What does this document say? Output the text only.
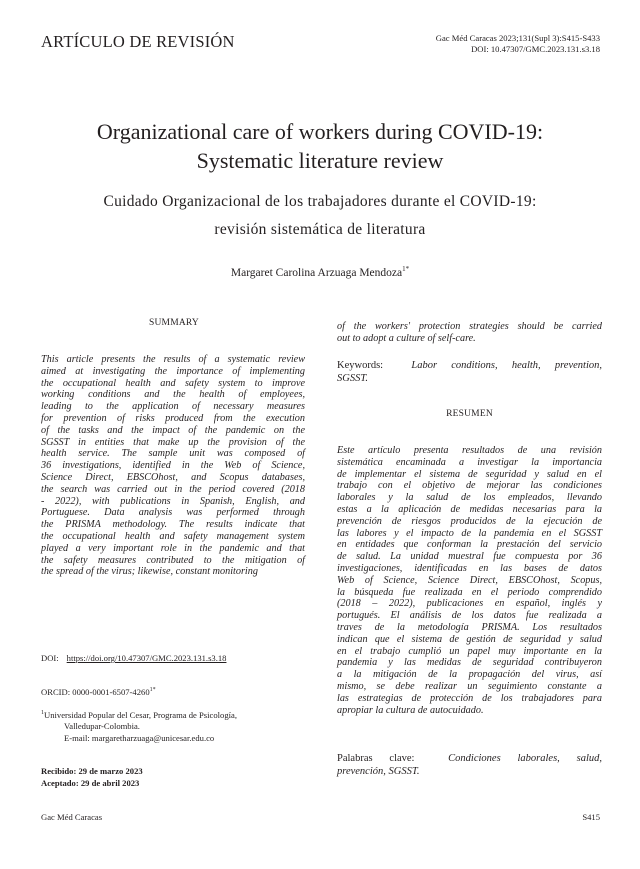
ARTÍCULO DE REVISIÓN	Gac Méd Caracas 2023;131(Supl 3):S415-S433
DOI: 10.47307/GMC.2023.131.s3.18
Organizational care of workers during COVID-19:
Systematic literature review
Cuidado Organizacional de los trabajadores durante el COVID-19:
revisión sistemática de literatura
Margaret Carolina Arzuaga Mendoza$^{1*}$
SUMMARY
This article presents the results of a systematic review
aimed at investigating the importance of implementing
the occupational health and safety system to improve
working conditions and the health of employees,
leading to the application of necessary measures
for prevention of risks produced from the execution
of the tasks and the impact of the pandemic on the
SGSST in entities that make up the provision of the
health service. The sample unit was composed of
36 investigations, identified in the Web of Science,
Science Direct, EBSCOhost, and Scopus databases,
the search was carried out in the period covered (2018
- 2022), with publications in Spanish, English, and
Portuguese. Data analysis was performed through
the PRISMA methodology. The results indicate that
the occupational health and safety management system
played a very important role in the pandemic and that
the safety measures contributed to the mitigation of
the spread of the virus; likewise, constant monitoring
DOI: https://doi.org/10.47307/GMC.2023.131.s3.18
ORCID: $0000-0001-6507-4260^{1*}$
$^1$Universidad Popular del Cesar, Programa de Psicología,
Valledupar-Colombia.
E-mail: margaretharzuaga@unicesar.edu.co
Recibido: 29 de marzo 2023
Aceptado: 29 de abril 2023
of the workers' protection strategies should be carried
out to adopt a culture of self-care.
Keywords:	Labor conditions, health, prevention,
SGSST.
RESUMEN
Este artículo presenta resultados de una revisión
sistemática encaminada a investigar la importancia
de implementar el sistema de seguridad y salud en el
trabajo con el objetivo de mejorar las condiciones
laborales y la salud de los empleados, llevando
estas a la aplicación de medidas necesarias para la
prevención de riesgos producidos de la ejecución de
las labores y el impacto de la pandemia en el SGSST
en entidades que conforman la prestación del servicio
de salud. La unidad muestral fue compuesta por 36
investigaciones, identificadas en las bases de datos
Web of Science, Science Direct, EBSCOhost, Scopus,
la búsqueda fue realizada en el periodo comprendido
(2018 – 2022), publicaciones en español, inglés y
portugués. El análisis de los datos fue realizada a
traves de la metodología PRISMA. Los resultados
indican que el sistema de gestión de seguridad y salud
en el trabajo cumplió un papel muy importante en la
pandemia y las medidas de seguridad contribuyeron
a la mitigación de la propagación del virus, así
mismo, se debe realizar un seguimiento constante a
las estrategias de protección de los trabajadores para
apropiar la cultura de autocuidado.
Palabras clave:	Condiciones laborales, salud,
prevención, SGSST.
Gac Méd Caracas	S415
